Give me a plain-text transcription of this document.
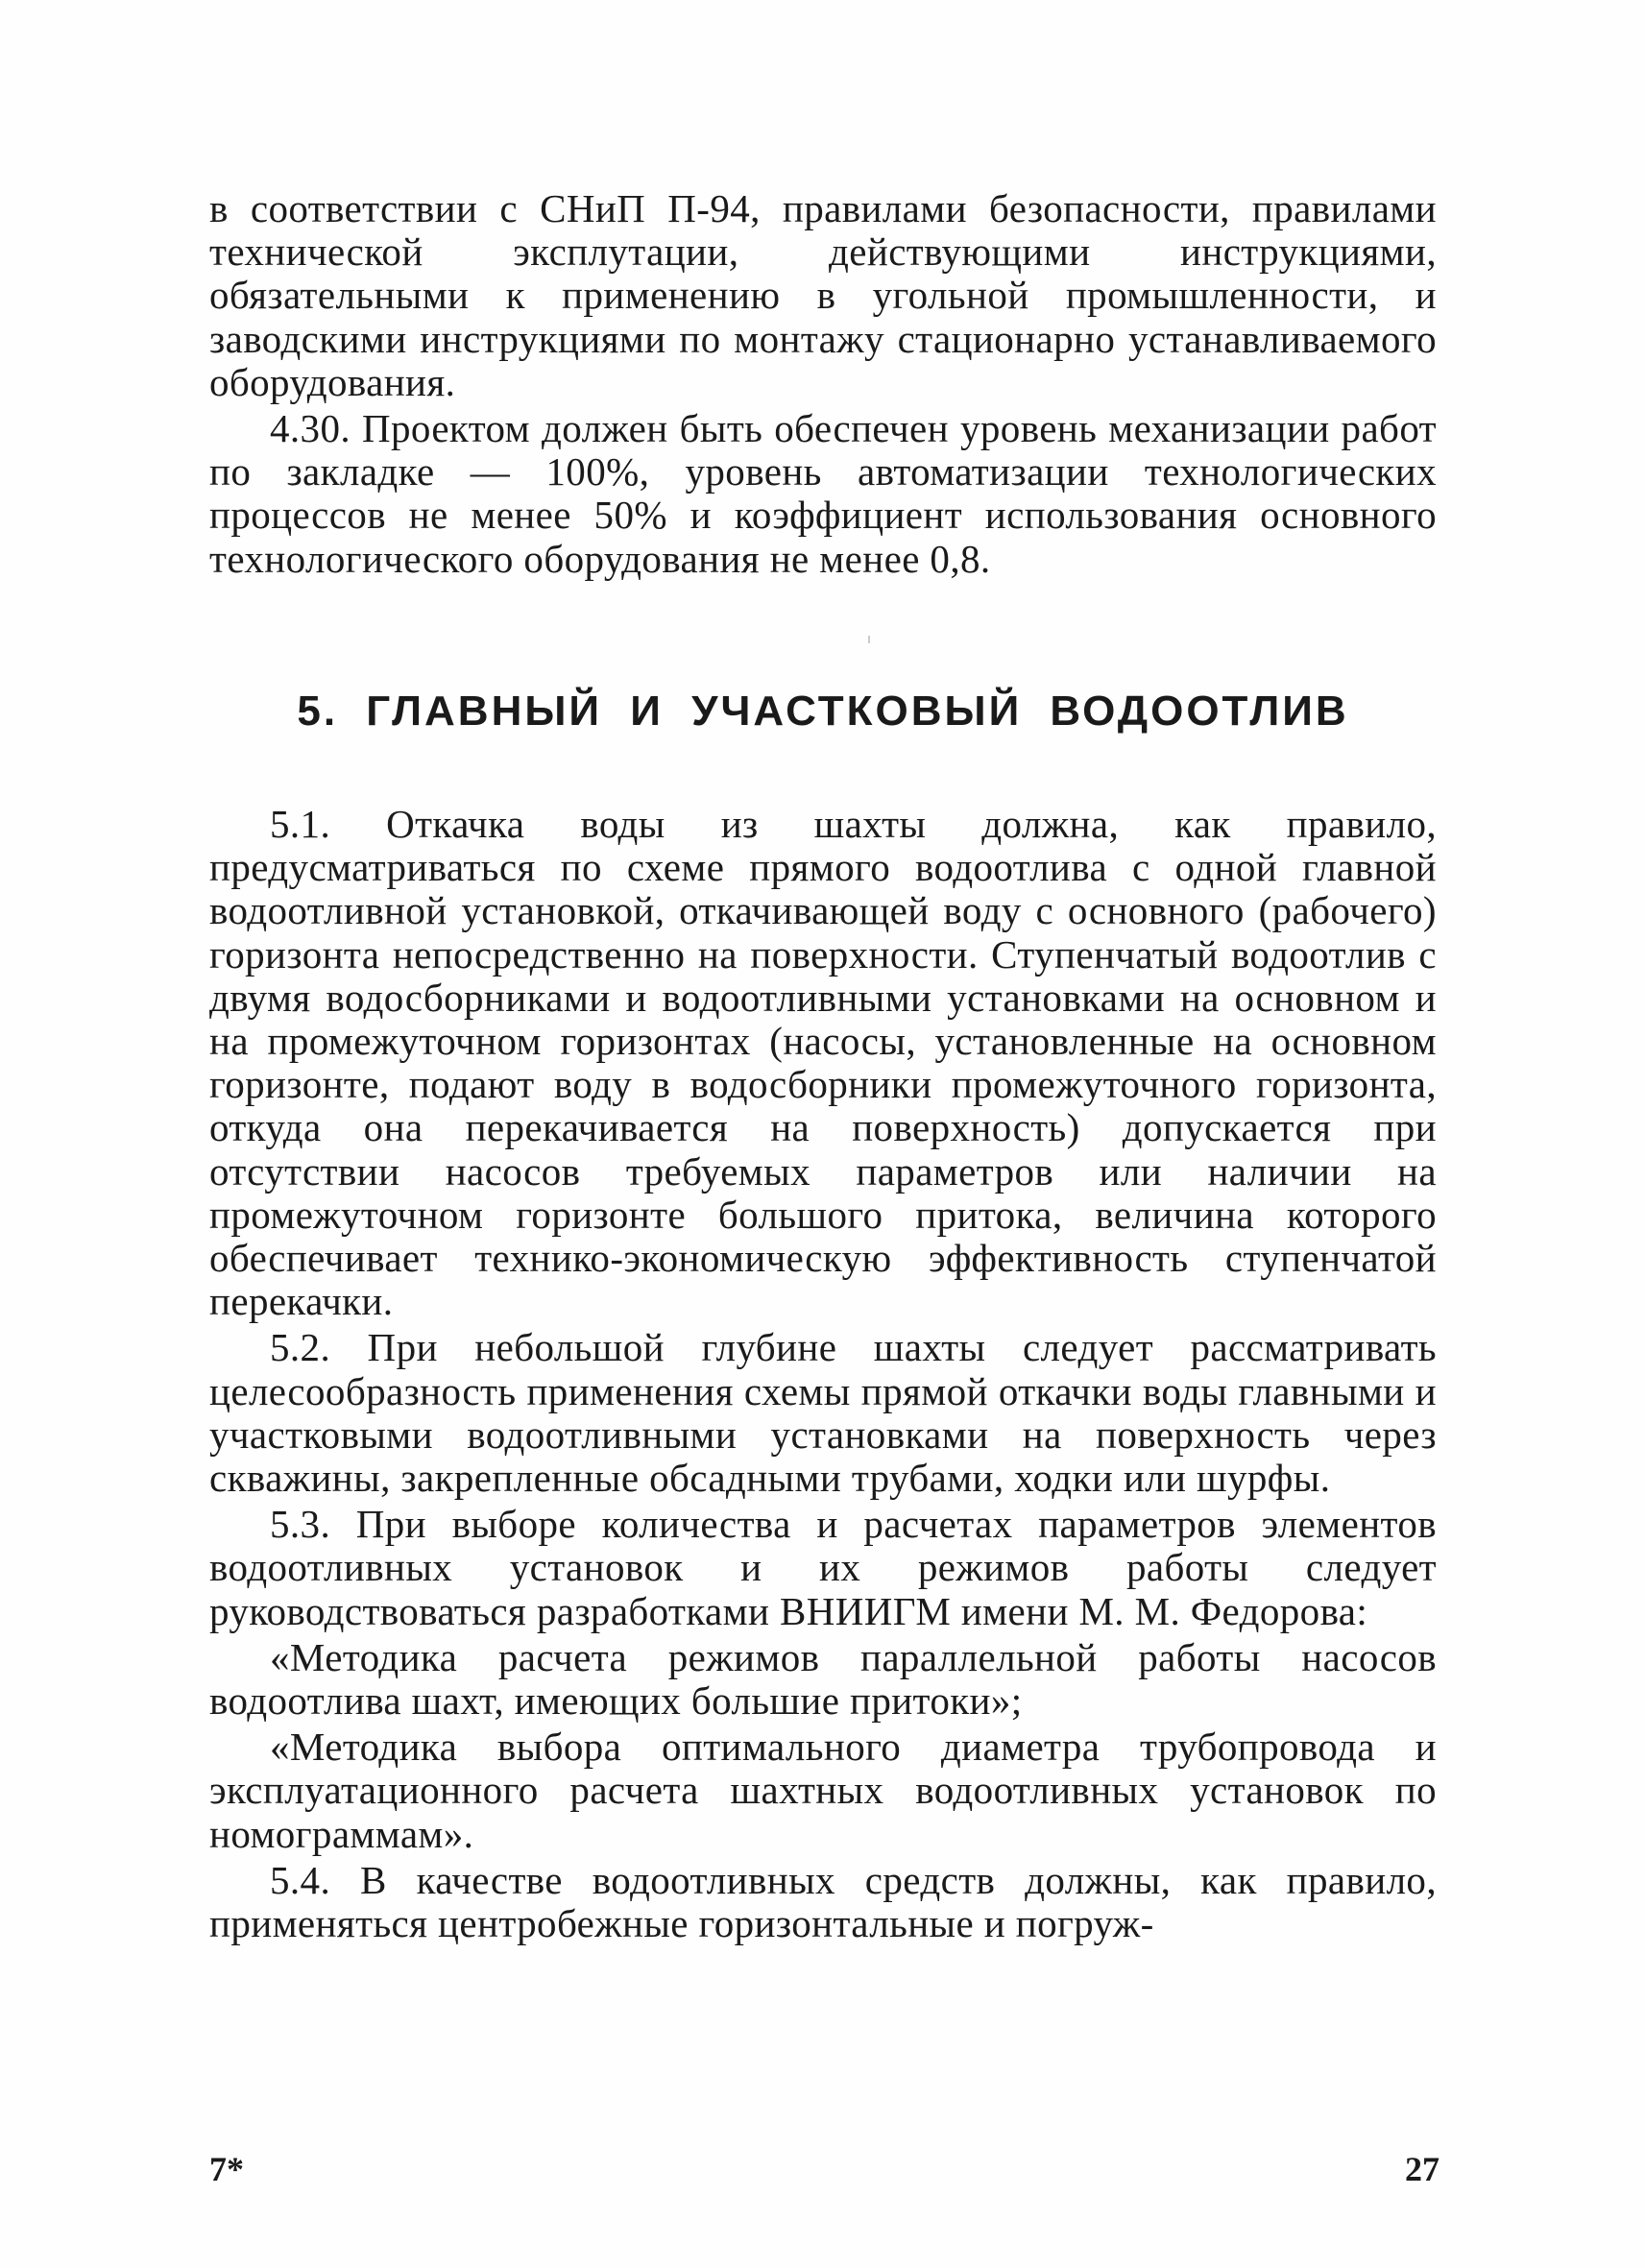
в соответствии с СНиП П-94, правилами безопасности, правилами технической эксплутации, действующими инструкциями, обязательными к применению в угольной промышленности, и заводскими инструкциями по монтажу стационарно устанавливаемого оборудования.

4.30. Проектом должен быть обеспечен уровень механизации работ по закладке — 100%, уровень автоматизации технологических процессов не менее 50% и коэффициент использования основного технологического оборудования не менее 0,8.

5. ГЛАВНЫЙ И УЧАСТКОВЫЙ ВОДООТЛИВ

5.1. Откачка воды из шахты должна, как правило, предусматриваться по схеме прямого водоотлива с одной главной водоотливной установкой, откачивающей воду с основного (рабочего) горизонта непосредственно на поверхности. Ступенчатый водоотлив с двумя водосборниками и водоотливными установками на основном и на промежуточном горизонтах (насосы, установленные на основном горизонте, подают воду в водосборники промежуточного горизонта, откуда она перекачивается на поверхность) допускается при отсутствии насосов требуемых параметров или наличии на промежуточном горизонте большого притока, величина которого обеспечивает технико-экономическую эффективность ступенчатой перекачки.

5.2. При небольшой глубине шахты следует рассматривать целесообразность применения схемы прямой откачки воды главными и участковыми водоотливными установками на поверхность через скважины, закрепленные обсадными трубами, ходки или шурфы.

5.3. При выборе количества и расчетах параметров элементов водоотливных установок и их режимов работы следует руководствоваться разработками ВНИИГМ имени М. М. Федорова:

«Методика расчета режимов параллельной работы насосов водоотлива шахт, имеющих большие притоки»;

«Методика выбора оптимального диаметра трубопровода и эксплуатационного расчета шахтных водоотливных установок по номограммам».

5.4. В качестве водоотливных средств должны, как правило, применяться центробежные горизонтальные и погруж-

7*	27
